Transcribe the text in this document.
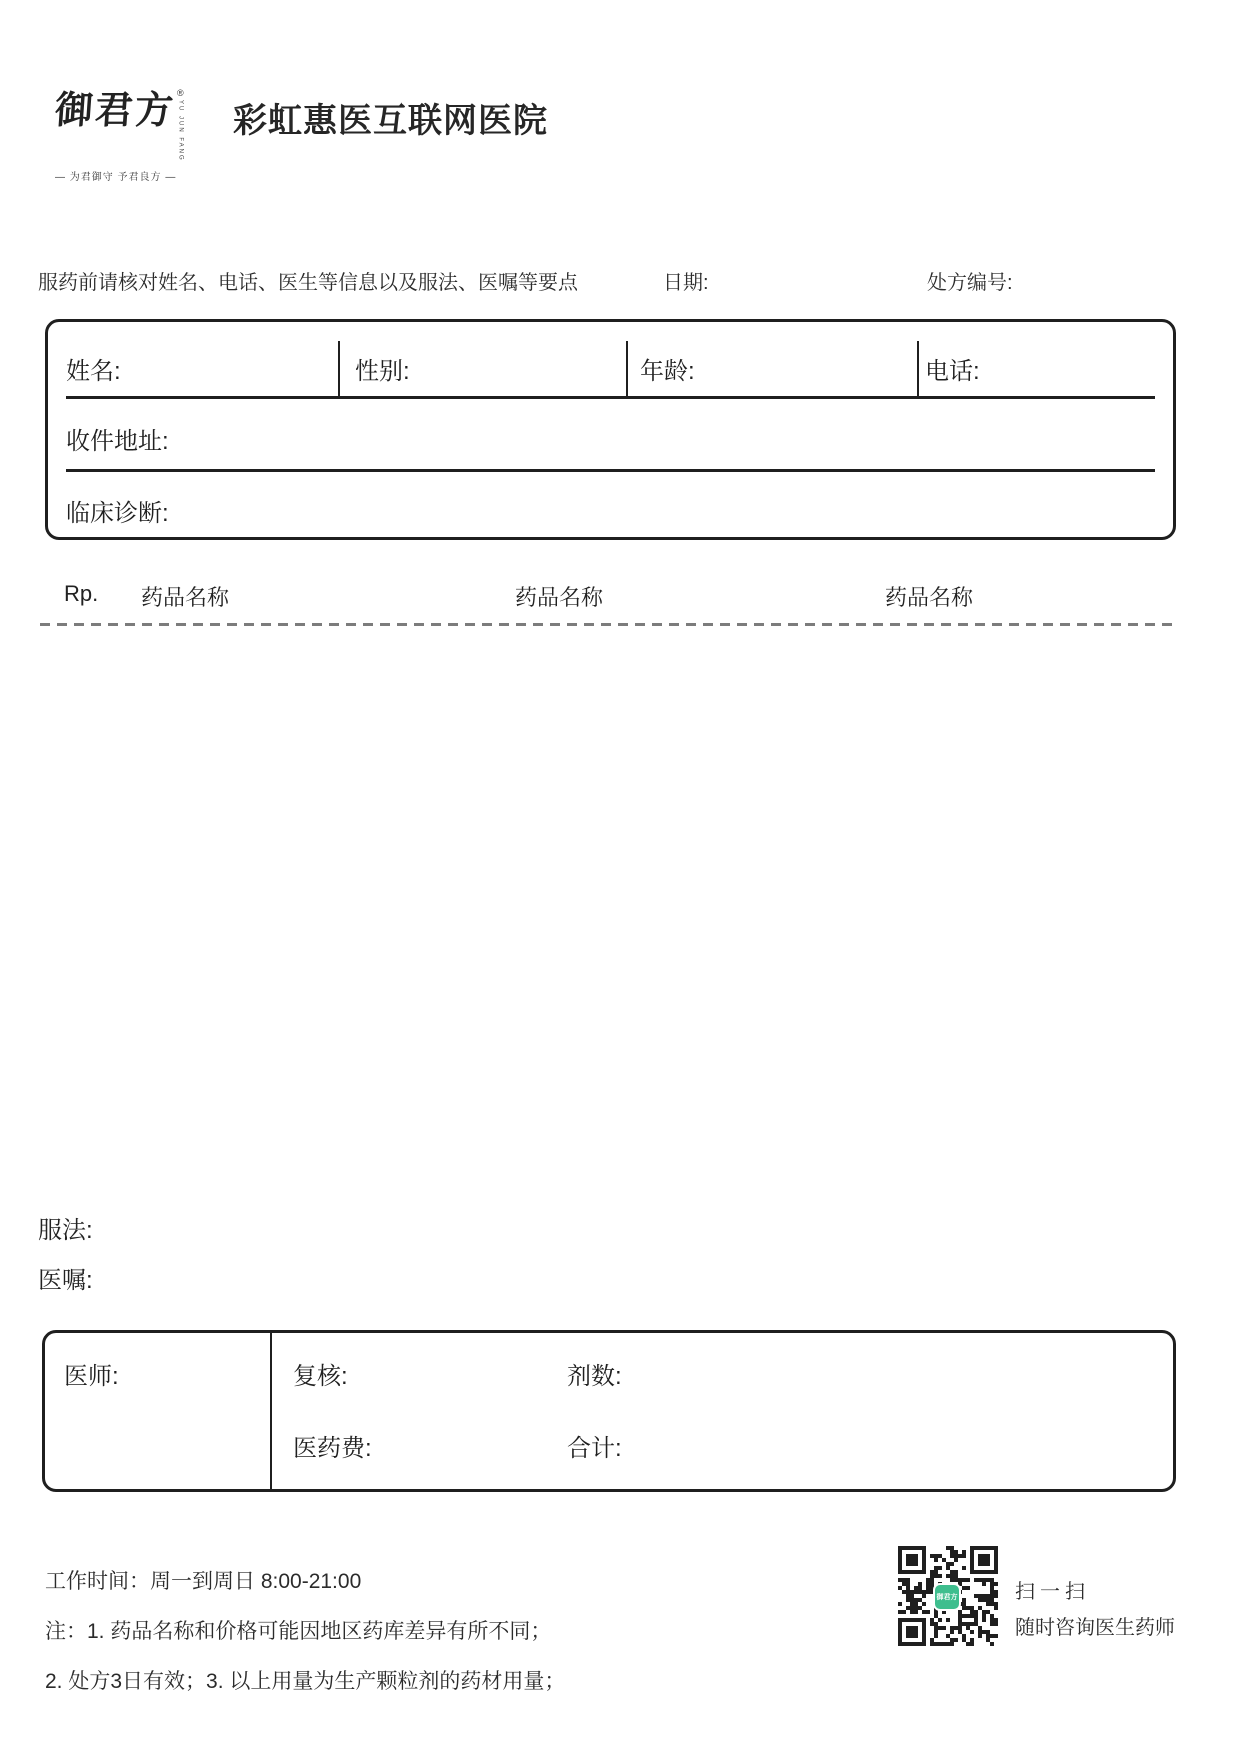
御君方 ®
YU JUN FANG
— 为君御守 予君良方 —
彩虹惠医互联网医院
服药前请核对姓名、电话、医生等信息以及服法、医嘱等要点	日期:	处方编号:
姓名:	性别:	年龄:	电话:
收件地址:
临床诊断:
Rp. 药品名称	药品名称	药品名称
服法:
医嘱:
医师:	复核:	剂数:
医药费:	合计:
工作时间：周一到周日 8:00-21:00
注：1. 药品名称和价格可能因地区药库差异有所不同；
2. 处方3日有效；3. 以上用量为生产颗粒剂的药材用量；
御君方	扫一扫
随时咨询医生药师
